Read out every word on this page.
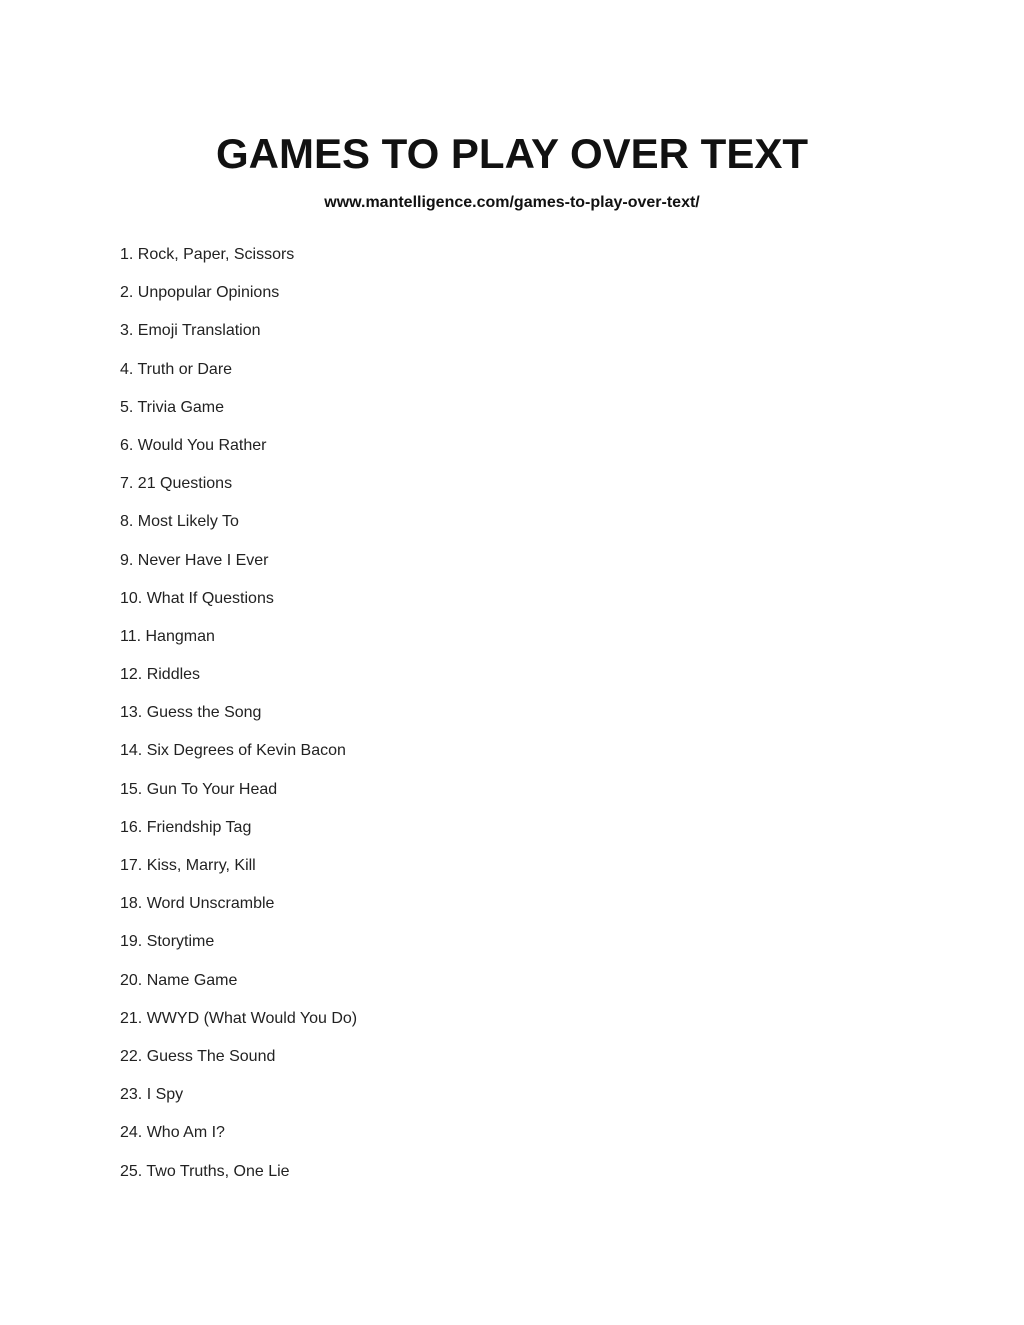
GAMES TO PLAY OVER TEXT
www.mantelligence.com/games-to-play-over-text/
1. Rock, Paper, Scissors
2. Unpopular Opinions
3. Emoji Translation
4. Truth or Dare
5. Trivia Game
6. Would You Rather
7. 21 Questions
8. Most Likely To
9. Never Have I Ever
10. What If Questions
11. Hangman
12. Riddles
13. Guess the Song
14. Six Degrees of Kevin Bacon
15. Gun To Your Head
16. Friendship Tag
17. Kiss, Marry, Kill
18. Word Unscramble
19. Storytime
20. Name Game
21. WWYD (What Would You Do)
22. Guess The Sound
23. I Spy
24. Who Am I?
25. Two Truths, One Lie
